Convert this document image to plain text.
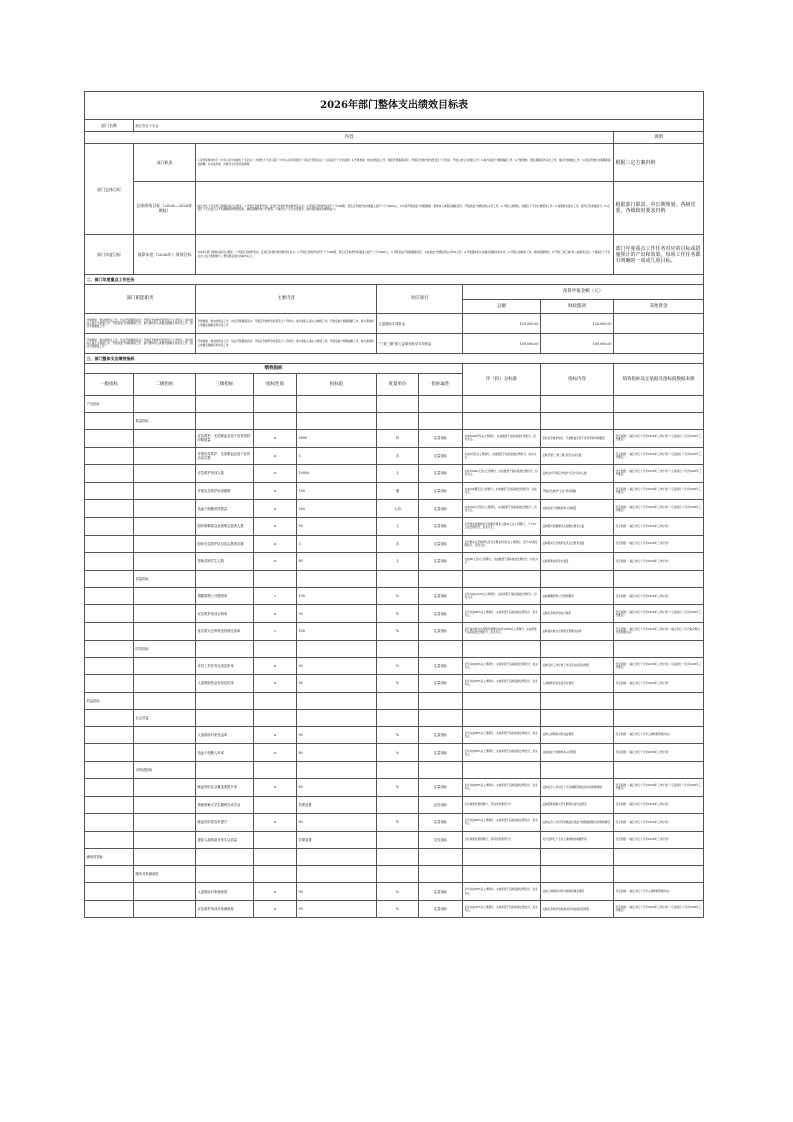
2026年部门整体支出绩效目标表									
部门名称	丽江市红十字会								
内容									说明
部门总体目标	部门职责	1.宣传和贯彻执行《中华人民共和国红十字会法》《中国红十字会章程》《中华人民共和国红十字标志使用办法》《云南省红十字会条例》2.开展救援、救灾的相关工作，组织开展募捐活动；开展应急救护培训普及红十字知识；开展人道主义救助工作；3.参与造血干细胞捐献工作；4.开展遗体、器官捐献宣传动员工作；推动无偿献血工作；5.依法开展社会募捐和接受捐赠；6.完成市委、市政府交办的其他事项							根据三定方案归纳
	总体绩效目标（2026—2028年期间）	丽江市红十字会部门绩效目标设立情况：1.开展应急救护培训，发放应急救护培训教材及证书；2.开展应急救护培训不少于200期，普及应急救护知识覆盖人数不少于10000人；3.持续开展造血干细胞捐献、遗体和人体器官捐献宣传，开展造血干细胞采集入库工作；4.开展人道救助，加强红十字会志愿服务工作；5.加强救灾备灾工作，提升应急救援能力；6.完善红十字会信息公开和捐赠款物管理使用，确保捐赠款物公开透明；7.做好红十字会自身建设，提升组织效能和履职能力。							根据部门职责，中长期规划，各级党委，各级政府要求归纳
部门年度目标	预算年度（2026年）绩效目标	2026年部门绩效目标设立情况：1.开展应急救护培训，发放应急救护培训教材及证书；2.开展应急救护培训不少于200期，普及应急救护知识覆盖人数不少于10000人；3.开展造血干细胞捐献宣传，完成造血干细胞采集入库50人份；4.开展遗体和人体器官捐献宣传动员；5.开展人道救助工作，救助困难群众；6.开展'三救三献'和公益服务活动；7.提高红十字会社会公信力和影响力，群众满意度达到90%以上。							部门年度重点工作任务对应的目标或措施预计的产出和效果，每项工作任务都有明确的一项或几项目标。
二、部门年度重点工作任务									
部门职能职责		主要内容			对应项目		预算申报金额（元）		
							总额	财政拨款	其他资金
开展救援、救灾的相关工作，依法开展募捐活动；开展应急救护培训普及红十字知识；参与国际人道主义救援工作；开展造血干细胞捐献工作，参与遗体和人体器官捐献宣传动员工作；推动无偿献血工作		开展救援、救灾的相关工作，依法开展募捐活动；开展应急救护培训普及红十字知识；参与国际人道主义救援工作；开展造血干细胞捐献工作，参与遗体和人体器官捐献宣传动员工作			人道救助专项资金		120,000.00	120,000.00	
开展救援、救灾的相关工作，依法开展募捐活动；开展应急救护培训普及红十字知识；参与国际人道主义救援工作；开展造血干细胞捐献工作，参与遗体和人体器官捐献宣传动员工作；推动无偿献血工作		开展救援、救灾的相关工作，依法开展募捐活动；开展应急救护培训普及红十字知识；参与国际人道主义救援工作；开展造血干细胞捐献工作，参与遗体和人体器官捐献宣传动员工作			“三救三献”和公益事务助学专项资金		100,000.00	100,000.00	
三、部门整体支出绩效指标									
绩效指标							评（扣）分标准	指标内容	绩效指标设定依据及指标值数据来源
一级指标	二级指标	三级指标	指标性质	指标值	度量单位	指标属性			
产出指标									
	数量指标								
		应急救护、无偿献血及造干宣传资料印制数量	≥	5000	份	定量指标	完成5000份及以上得满分，完成数低于指标值按比例扣分，扣完为止。	宣传应急救护知识、无偿献血及造干宣传资料印制数量	设定依据：《丽江市红十字会2026年工作计划》《云南省红十字会2026年工作要点》
		开展应急救护、无偿献血及造干宣传活动次数	≥	5	次	定量指标	完成5次及以上得满分，完成数低于指标值按比例扣分，扣完为止。	反映开展“三救三献”宣传活动次数	设定依据：《丽江市红十字会2026年工作计划》《云南省红十字会2026年工作要点》
		应急救护培训人数	≥	10000	人	定量指标	完成10000人及以上得满分，完成数低于指标值按比例扣分，扣完为止。	反映全市开展应急救护“五进”培训人数	设定依据：《丽江市红十字会2026年工作计划》《云南省红十字会2026年工作要点》
		开展应急救护培训期数	≥	100	期	定量指标	完成100期及以上得满分，完成数低于指标值按比例扣分，扣完为止。	开展应急救护“五进”培训期数	设定依据：《丽江市红十字会2026年工作计划》《云南省红十字会2026年工作要点》
		造血干细胞采样数量	≥	200	人份	定量指标	完成200人份及以上得满分，完成数低于指标值按比例扣分，扣完为止。	反映造血干细胞采样入库数量	设定依据：《丽江市红十字会2026年工作计划》《云南省红十字会2026年工作要点》
		慰问困难群众及困难志愿者人数	≥	50	人	定量指标	全年慰问困难群众及困难志愿者人数50人以上得满分，少于50人按比例扣分，扣完为止。	反映慰问困难群众及困难志愿者人数	设定依据：《丽江市红十字会2026年工作计划》
		慰问应急救护队员及志愿者次数	≥	3	次	定量指标	全年慰问应急救护队员及志愿者3次及以上得满分，低于3次按比例扣分，扣完为止。	反映慰问应急救护队员及志愿者次数	设定依据：《丽江市红十字会2026年工作计划》
		资助贫困学生人数	≥	80	人	定量指标	完成80人次以上得满分，完成数低于指标值按比例扣分，扣完为止。	反映资助贫困学生数量	设定依据：《丽江市红十字会2026年工作计划》
	质量指标								
		捐赠款物公开透明率	=	100	%	定量指标	全年完成100%以上得满分，完成率低于指标值按比例扣分，扣完为止。	反映捐赠款物公开透明情况	设定依据：《丽江市红十字会2026年工作计划》
		应急救护培训合格率	≥	90	%	定量指标	全年完成90%以上得满分，完成率低于指标值按比例扣分，扣完为止。	反映应急救护培训合格率	设定依据：《丽江市红十字会2026年工作计划》《云南省红十字会2026年工作要点》
		备灾救灾仓库规范管理完成率	=	100	%	定量指标	全年备灾救灾仓库规范管理完成率100%以上得满分，完成率低于指标值按比例扣分，扣完为止。	反映备灾救灾仓库规范管理完成率	设定依据：《丽江市红十字会2026年工作计划》《丽江市红十字会备灾救灾仓库管理办法》
	时效指标								
		年初工作任务完成及时率	≥	95	%	定量指标	全年完成95%以上得满分，完成率低于指标值按比例扣分，扣完为止。	反映年初工作计划工作任务完成及时情况	设定依据：《丽江市红十字会2026年工作计划》《云南省红十字会2026年工作要点》
		人道救助资金发放及时率	≥	95	%	定量指标	全年完成95%以上得满分，完成率低于指标值按比例扣分，扣完为止。	人道救助资金发放及时情况	设定依据：《丽江市红十字会2026年工作计划》
效益指标									
	社会效益								
		人道救助对象受益率	≥	90	%	定量指标	全年完成90%以上得满分，完成率低于指标值按比例扣分，扣完为止。	反映人道救助对象受益情况	设定依据：《丽江市红十字会人道救助管理办法》
		造血干细胞入库率	≥	80	%	定量指标	全年完成80%以上得满分，完成率低于指标值按比例扣分，扣完为止。	反映造血干细胞样本入库情况	设定依据：《丽江市红十字会2026年工作计划》
	可持续影响								
		献血知识社会覆盖面提升率	≥	85	%	定量指标	全年完成85%以上得满分，完成率低于指标值按比例扣分，扣完为止。	反映社会公众对红十字会捐献等相关知识的知晓情况	设定依据：《丽江市红十字会2026年工作计划》《云南省红十字会2026年工作要点》
		资助困难大学生顺利完成学业		效果显著		定性指标	全年效果显著得满分，有所改善得部分分	反映资助困难大学生顺利完成学业情况	设定依据：《丽江市红十字会2026年工作计划》
		献血知识普及率提升	≥	80	%	定量指标	全年完成80%以上得满分，完成率低于指标值按比例扣分，扣完为止。	反映社会公众对无偿献血及造血干细胞捐献知识的知晓情况	设定依据：《丽江市红十字会2026年工作计划》
		提高人道救助对象生活质量		效果显著		定性指标	全年效果显著得满分，有所改善得部分分	充分发挥红十字会人道救助的重要作用	设定依据：《丽江市红十字会2026年工作计划》
满意度指标									
	服务对象满意度								
		人道救助对象满意度	≥	95	%	定量指标	全年完成95%以上得满分，完成率低于指标值按比例扣分，扣完为止。	反映人道救助对象对救助的满意情况	设定依据：《丽江市红十字会人道救助管理办法》
		应急救护培训对象满意度	≥	95	%	定量指标	全年完成95%以上得满分，完成率低于指标值按比例扣分，扣完为止。	反映应急救护培训参训学员的满意度情况	设定依据：《丽江市红十字会2026年工作计划》《云南省红十字会2026年工作要点》
